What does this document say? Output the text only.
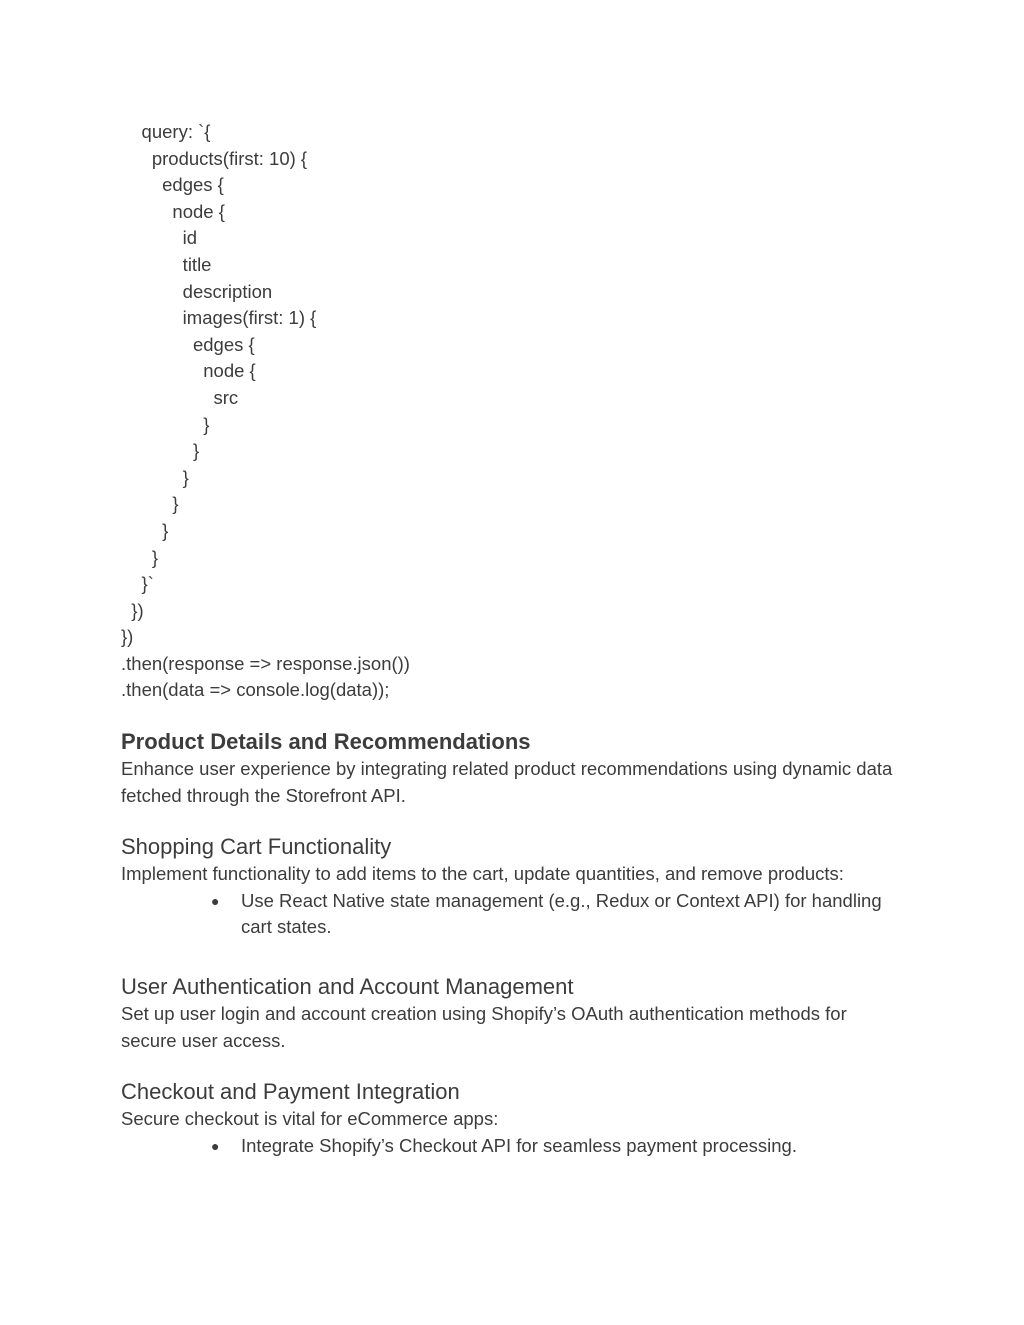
query: `{
products(first: 10) {
edges {
node {
id
title
description
images(first: 1) {
edges {
node {
src
}
}
}
}
}
}
}`
})
})
.then(response => response.json())
.then(data => console.log(data));
Product Details and Recommendations

Enhance user experience by integrating related product recommendations using dynamic data fetched through the Storefront API.

Shopping Cart Functionality

Implement functionality to add items to the cart, update quantities, and remove products:

● Use React Native state management (e.g., Redux or Context API) for handling cart states.
User Authentication and Account Management

Set up user login and account creation using Shopify’s OAuth authentication methods for secure user access.

Checkout and Payment Integration

Secure checkout is vital for eCommerce apps:

● Integrate Shopify’s Checkout API for seamless payment processing.
